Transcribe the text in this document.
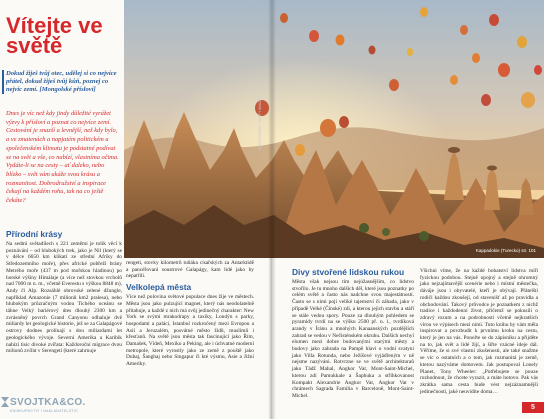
Kappadokie (Turecko) str. 101
LONESOMBER / GETTY IMAGES
Vítejte ve světě

Dokud žiješ tvůj otec, udělej si co nejvíce přátel, dokud žiješ tvůj kůň, poznej co nejvíc zemí. [Mongolské přísloví]

Dnes je víc než kdy jindy důležité vyrážet výzvy k přísloví a poznat co nejvíce zemí. Cestování je snazší a levnější, než kdy bylo, a ve zmatenách a napjatém politickém a společenském klimatu je podstatné podívat se na svět a vše, co nabízí, vlastníma očima. Vydáte-li se na cesty – ať daleko, nebo blízko – svět vám ukáže svou krásu a rozmanitost. Dobrodružství a inspirace čekají na každém rohu, tak na co ještě čekáte?

Přírodní krásy

Na sedmi světadílech s 221 zeměmi je tolik věcí k poznávání – od hlubokých trek, jako je Nil (který se v délce 6650 km klikatí ze střední Afriky do Středozemního moře), přes africké pobřeží brány Metrého moře (437 m pod mořskou hladinou) po horské výšiny Himálaje (a více než stovkou vrcholů nad 7000 m n. m., včetně Everestu s výškou 8848 m), Andy či Alp. Rozsáhlé obrovské zelené džungle, například Amazonie (7 milionů km2 pralesa), nebo hlubokým průzračným vodou Tichého oceánu se táhne Velký bariérový útes dlouhý 2300 km a zvrásněný povrch Grand Canyonu odhaluje dvě miliardy let geologické historie, jež se za Galapágové ostrovy dodnes prolínají s dou miliardami let geologického vývoje. Severní Amerika a Karibik nabízí tisíc divoké zvířata: Každoroční migrace dvou milionů zvířat v Serengeti (které zahrnuje

rengeti, stovky kilometrů tuňáka císařských za Antarktidě a pancéřovaní soustrové Galapágy, kam lidé jako by nepatřili.

Velkolepá města

Více než polovina světové populace dnes žije ve městech. Města jsou jako pulzující magnet, který nás neodolatelně přitahuje, a každé z nich má svůj jedinečný charakter: New York se svými mrakodrapy a taxíky, Londýn s parky, hospodami a paláci, Istanbul rozkročený mezi Evropou a Asií a Jeruzalém, posvátné město židů, muslimů i křesťanů. Na světě jsou města tak fascinující jako Řím, Damašek, Vídeň, Mexiko a Peking, ale i úchvatné moderní metropole, které vyrostly jako ze země z pouště jako Dubaj, Šanghaj nebo Singapur či kté výsmu, Asie a Jižní Ameriky.

Divy stvořené lidskou rukou

Města však nejsou tím nejúžasnějším, co lidstvo stvořilo. Je tu mnoho dalších děl, které jsou poznatky po celém světě a často nás nadchne svou majestátností. Často se s nimi pojí veliké tajemství či záhada, jako v případě Velké (Čínské) zdi, a kterou jejich stavbu a stáří se stále vedou spory. Pouze za dlouhým pohledem se pyramidy tvrdí na se výšku 2500 př. n. l., tvrdíková arandy v Íránu a mnohých Kanaanských pozdějších zahrad se vedou v Nečisténském okruhu. Dalších nechyí elumen mezi dobre budovanými starými městy a budovy jako zahrada na Pampě hlavi o vodní svatyni jako Villa Rotunda, nebo Ježíšové vyjádřeným v ně nejsme nazýváni. Rotvrzne se ve světě architekturaů jako Tádž Mahal, Angkor Vat, Mont-Saint-Michel, kterou zdí Pamukkale a Šaphuka a stříhkovanost Kompakt Alexandrie Angkor Vat, Angkor Vat v chrámech Sagrada Família v Barceloně, Mont-Saint-Michel.

Všichni víme, že na každé bohatství lidstva míří fyzickou podobou. Stejně opojný a stejně ohromný jako nejzajímavější scenérie nebo i místní městečka, dáváje jsou i obyvatelé, kteří je obývají. Přátelští rodiči každou zkoušejí, od stavenišť až po pravidla a obchodování. Takový průvodce je poznatkem z nichž tradice i každodenní život, přičemž se pokusili o zdravý rozum a na podrobnosti včetně nejkratších vírou ve výpisech mezi nimi. Tuto knihu by vám měla inspirovat a povzbudit k prvnímu kroku na cestu, který je jen na vás. Ponořte se do zápisníku a přijděte na to, jak svět a lidé žijí, a šiřte vzácné ideje dál. Věříme, že si své vlastní zkušenosti, ale také snažme se víc o ostatních a o tom, jak rozmanitá je země, kterou nazýváme domovem. Jak postupoval Lonely Planet, Tony Wheeler: „Potřebujete se pouze rozhodnout, že chcete vyrazit, a máte hotovo. Pak vás zkrátka sama cesta bude vést nejzáznamnější jedinečností, jaké neuvidíte doma…

5
SVOJTKA&CO.
KNIHKUPECTVÍ I NAKLADATELSTVÍ
